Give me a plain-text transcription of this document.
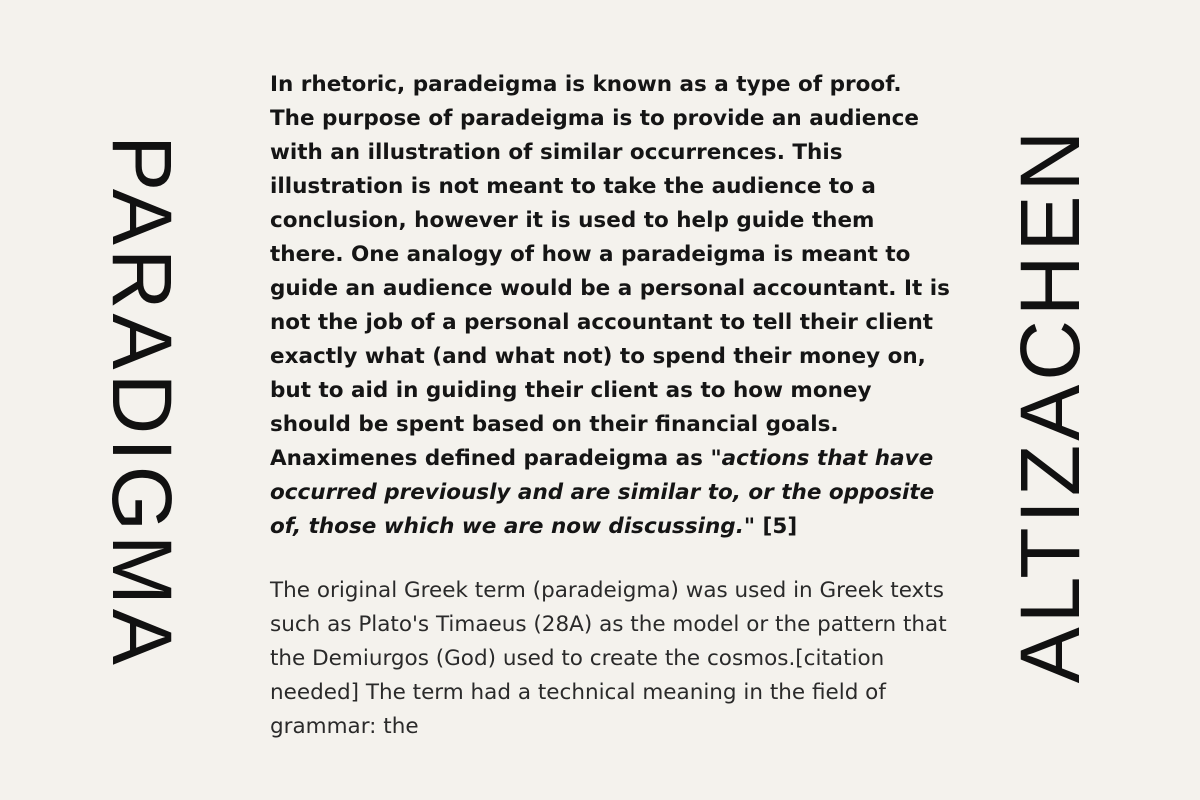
PARADIGMA

In rhetoric, paradeigma is known as a type of proof. The purpose of paradeigma is to provide an audience with an illustration of similar occurrences. This illustration is not meant to take the audience to a conclusion, however it is used to help guide them there. One analogy of how a paradeigma is meant to guide an audience would be a personal accountant. It is not the job of a personal accountant to tell their client exactly what (and what not) to spend their money on, but to aid in guiding their client as to how money should be spent based on their financial goals. Anaximenes defined paradeigma as "actions that have occurred previously and are similar to, or the opposite of, those which we are now discussing." [5]

The original Greek term (paradeigma) was used in Greek texts such as Plato's Timaeus (28A) as the model or the pattern that the Demiurgos (God) used to create the cosmos.[citation needed] The term had a technical meaning in the field of grammar: the

ALTIZACHEN
